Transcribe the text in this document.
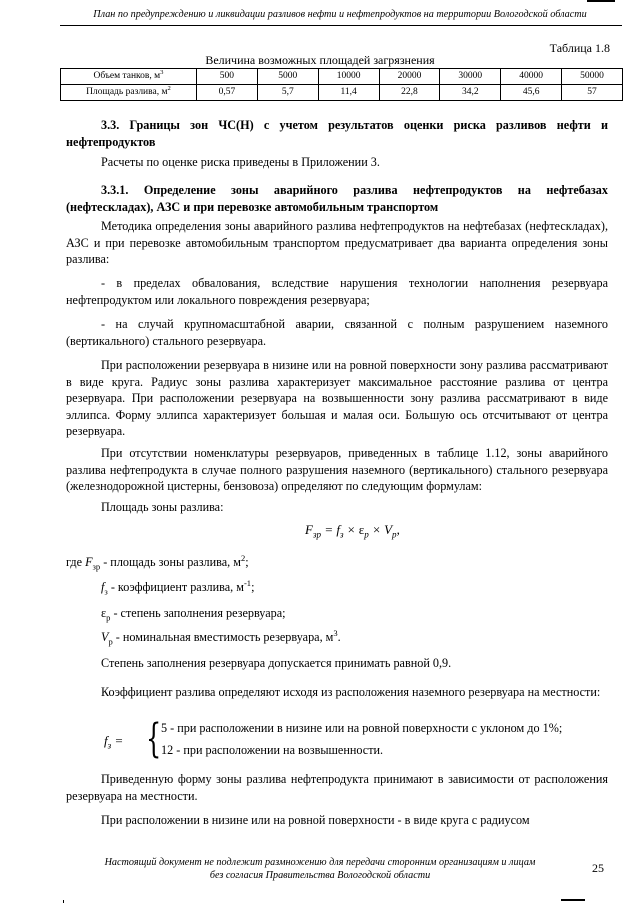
План по предупреждению и ликвидации разливов нефти и нефтепродуктов на территории Вологодской области
Таблица 1.8
Величина возможных площадей загрязнения
Объем танков, $м^3$	500	5000	10000	20000	30000	40000	50000
Площадь разлива, $м^2$	0,57	5,7	11,4	22,8	34,2	45,6	57
3.3. Границы зон ЧС(Н) с учетом результатов оценки риска разливов нефти и нефтепродуктов
Расчеты по оценке риска приведены в Приложении 3.
3.3.1. Определение зоны аварийного разлива нефтепродуктов на нефтебазах (нефтескладах), АЗС и при перевозке автомобильным транспортом
Методика определения зоны аварийного разлива нефтепродуктов на нефтебазах (нефтескладах), АЗС и при перевозке автомобильным транспортом предусматривает два варианта определения зоны разлива:
- в пределах обвалования, вследствие нарушения технологии наполнения резервуара нефтепродуктом или локального повреждения резервуара;
- на случай крупномасштабной аварии, связанной с полным разрушением наземного (вертикального) стального резервуара.
При расположении резервуара в низине или на ровной поверхности зону разлива рассматривают в виде круга. Радиус зоны разлива характеризует максимальное расстояние разлива от центра резервуара. При расположении резервуара на возвышенности зону разлива рассматривают в виде эллипса. Форму эллипса характеризует большая и малая оси. Большую ось отсчитывают от центра резервуара.
При отсутствии номенклатуры резервуаров, приведенных в таблице 1.12, зоны аварийного разлива нефтепродукта в случае полного разрушения наземного (вертикального) стального резервуара (железнодорожной цистерны, бензовоза) определяют по следующим формулам:
Площадь зоны разлива:
$F_{зр} = f_з \times \varepsilon_р \times V_р$,
где $F_{зр}$ - площадь зоны разлива, $м^2$;
$f_з$ - коэффициент разлива, $м^{-1}$;
$\varepsilon_р$ - степень заполнения резервуара;
$V_р$ - номинальная вместимость резервуара, $м^3$.
Степень заполнения резервуара допускается принимать равной 0,9.
Коэффициент разлива определяют исходя из расположения наземного резервуара на местности:
$f_з$ = { 5 - при расположении в низине или на ровной поверхности с уклоном до 1%;
12 - при расположении на возвышенности.
Приведенную форму зоны разлива нефтепродукта принимают в зависимости от расположения резервуара на местности.
При расположении в низине или на ровной поверхности - в виде круга с радиусом
Настоящий документ не подлежит размножению для передачи сторонним организациям и лицам
без согласия Правительства Вологодской области
25
